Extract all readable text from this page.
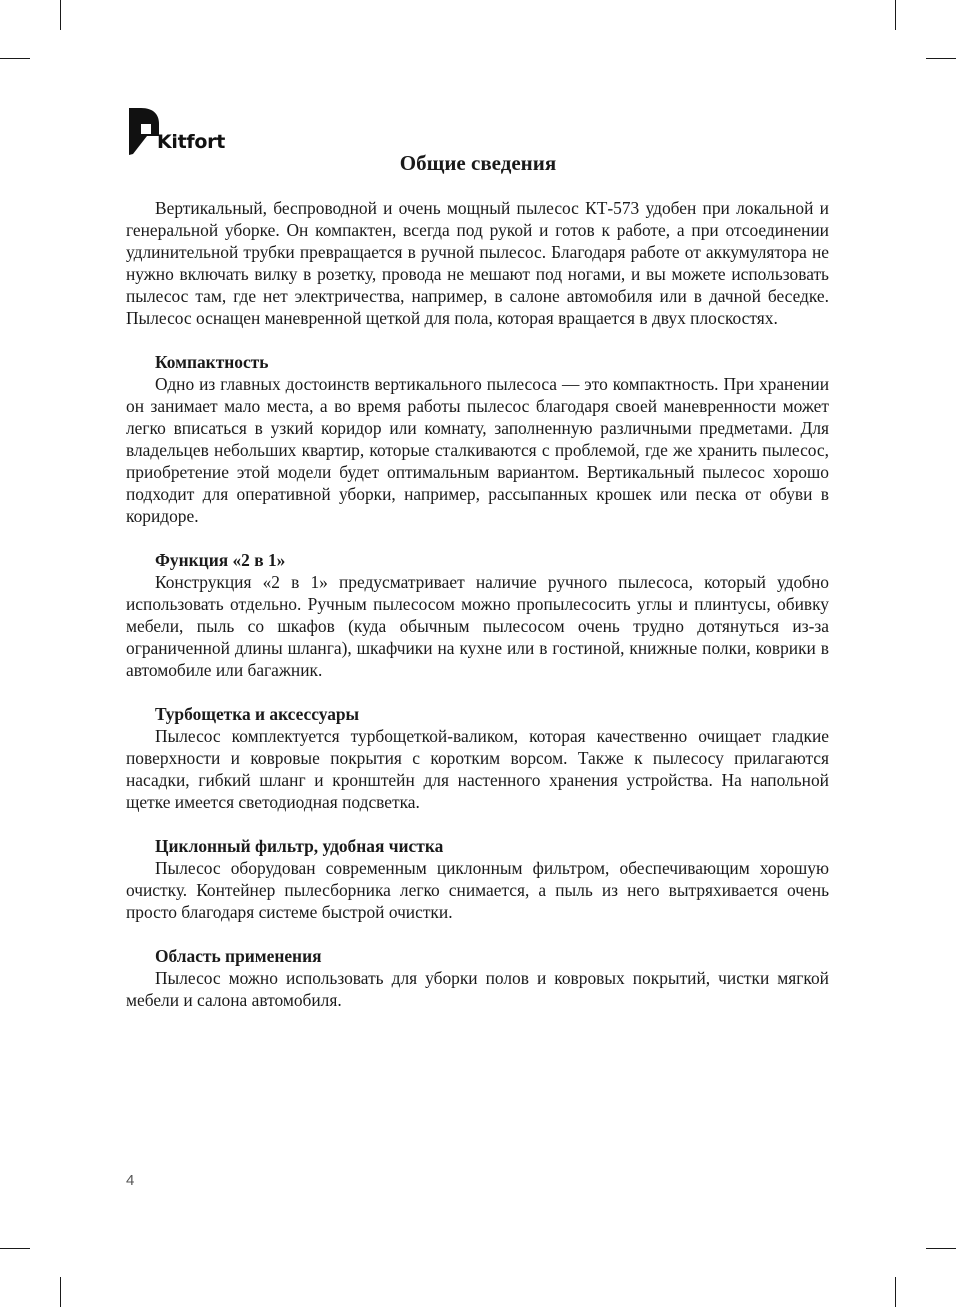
Kitfort
Общие сведения

Вертикальный, беспроводной и очень мощный пылесос КТ-573 удобен при локальной и генеральной уборке. Он компактен, всегда под рукой и готов к работе, а при отсоединении удлинительной трубки превращается в ручной пылесос. Благодаря работе от аккумулятора не нужно включать вилку в розетку, провода не мешают под ногами, и вы можете использовать пылесос там, где нет электричества, например, в салоне автомобиля или в дачной беседке. Пылесос оснащен маневренной щеткой для пола, которая вращается в двух плоскостях.

Компактность

Одно из главных достоинств вертикального пылесоса — это компактность. При хранении он занимает мало места, а во время работы пылесос благодаря своей маневренности может легко вписаться в узкий коридор или комнату, заполненную различными предметами. Для владельцев небольших квартир, которые сталкиваются с проблемой, где же хранить пылесос, приобретение этой модели будет оптимальным вариантом. Вертикальный пылесос хорошо подходит для оперативной уборки, например, рассыпанных крошек или песка от обуви в коридоре.

Функция «2 в 1»

Конструкция «2 в 1» предусматривает наличие ручного пылесоса, который удобно использовать отдельно. Ручным пылесосом можно пропылесосить углы и плинтусы, обивку мебели, пыль со шкафов (куда обычным пылесосом очень трудно дотянуться из-за ограниченной длины шланга), шкафчики на кухне или в гостиной, книжные полки, коврики в автомобиле или багажник.

Турбощетка и аксессуары

Пылесос комплектуется турбощеткой-валиком, которая качественно очищает гладкие поверхности и ковровые покрытия с коротким ворсом. Также к пылесосу прилагаются насадки, гибкий шланг и кронштейн для настенного хранения устройства. На напольной щетке имеется светодиодная подсветка.

Циклонный фильтр, удобная чистка

Пылесос оборудован современным циклонным фильтром, обеспечивающим хорошую очистку. Контейнер пылесборника легко снимается, а пыль из него вытряхивается очень просто благодаря системе быстрой очистки.

Область применения

Пылесос можно использовать для уборки полов и ковровых покрытий, чистки мягкой мебели и салона автомобиля.

4
